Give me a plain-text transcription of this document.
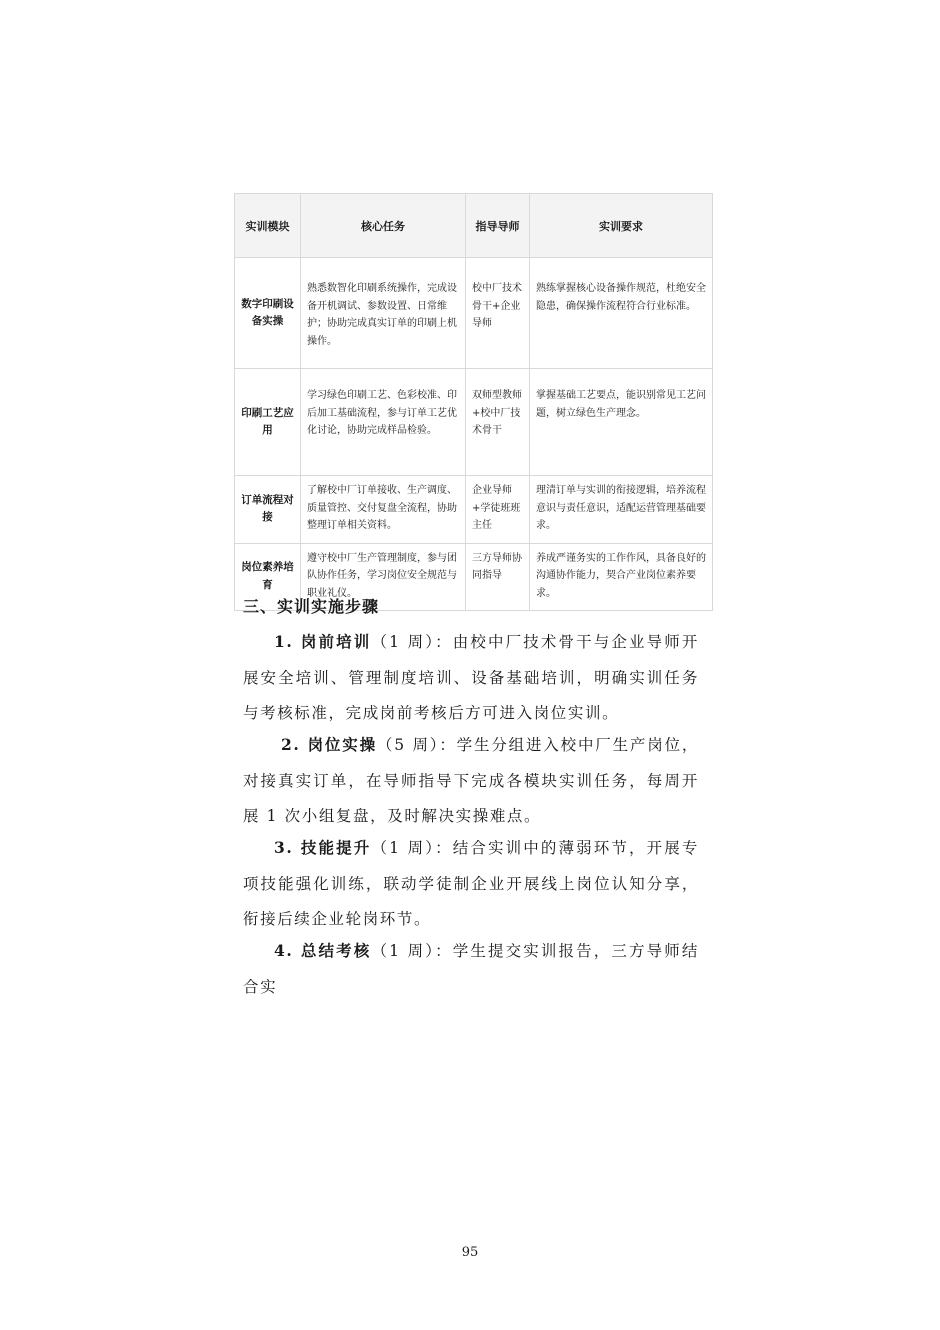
实训模块	核心任务	指导导师	实训要求
数字印刷设备实操	熟悉数智化印刷系统操作，完成设备开机调试、参数设置、日常维护；协助完成真实订单的印刷上机操作。	校中厂技术骨干+企业导师	熟练掌握核心设备操作规范，杜绝安全隐患，确保操作流程符合行业标准。
印刷工艺应用	学习绿色印刷工艺、色彩校准、印后加工基础流程，参与订单工艺优化讨论，协助完成样品检验。	双师型教师+校中厂技术骨干	掌握基础工艺要点，能识别常见工艺问题，树立绿色生产理念。
订单流程对接	了解校中厂订单接收、生产调度、质量管控、交付复盘全流程，协助整理订单相关资料。	企业导师+学徒班班主任	理清订单与实训的衔接逻辑，培养流程意识与责任意识，适配运营管理基础要求。
岗位素养培育	遵守校中厂生产管理制度，参与团队协作任务，学习岗位安全规范与职业礼仪。	三方导师协同指导	养成严谨务实的工作作风，具备良好的沟通协作能力，契合产业岗位素养要求。
三、实训实施步骤
1. 岗前培训（1 周）：由校中厂技术骨干与企业导师开展安全培训、管理制度培训、设备基础培训，明确实训任务与考核标准，完成岗前考核后方可进入岗位实训。
2. 岗位实操（5 周）：学生分组进入校中厂生产岗位，对接真实订单，在导师指导下完成各模块实训任务，每周开展 1 次小组复盘，及时解决实操难点。
3. 技能提升（1 周）：结合实训中的薄弱环节，开展专项技能强化训练，联动学徒制企业开展线上岗位认知分享，衔接后续企业轮岗环节。
4. 总结考核（1 周）：学生提交实训报告，三方导师结合实
95
